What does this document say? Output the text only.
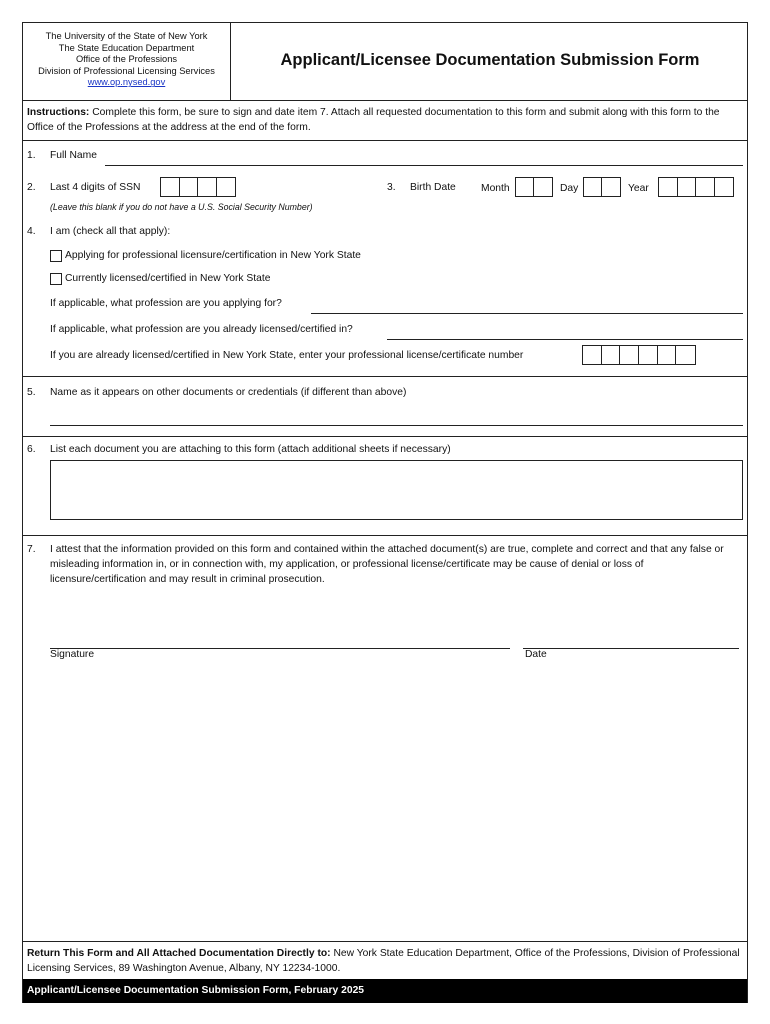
The University of the State of New York
The State Education Department
Office of the Professions
Division of Professional Licensing Services
www.op.nysed.gov
Applicant/Licensee Documentation Submission Form
Instructions: Complete this form, be sure to sign and date item 7. Attach all requested documentation to this form and submit along with this form to the Office of the Professions at the address at the end of the form.
1. Full Name
2. Last 4 digits of SSN
(Leave this blank if you do not have a U.S. Social Security Number)
3. Birth Date Month	Day	Year
4. I am (check all that apply):
Applying for professional licensure/certification in New York State
Currently licensed/certified in New York State
If applicable, what profession are you applying for?
If applicable, what profession are you already licensed/certified in?
If you are already licensed/certified in New York State, enter your professional license/certificate number
5. Name as it appears on other documents or credentials (if different than above)
6. List each document you are attaching to this form (attach additional sheets if necessary)
7. I attest that the information provided on this form and contained within the attached document(s) are true, complete and correct and that any false or misleading information in, or in connection with, my application, or professional license/certificate may be cause of denial or loss of licensure/certification and may result in criminal prosecution.
Signature	Date
Return This Form and All Attached Documentation Directly to: New York State Education Department, Office of the Professions, Division of Professional Licensing Services, 89 Washington Avenue, Albany, NY 12234-1000.
Applicant/Licensee Documentation Submission Form, February 2025
